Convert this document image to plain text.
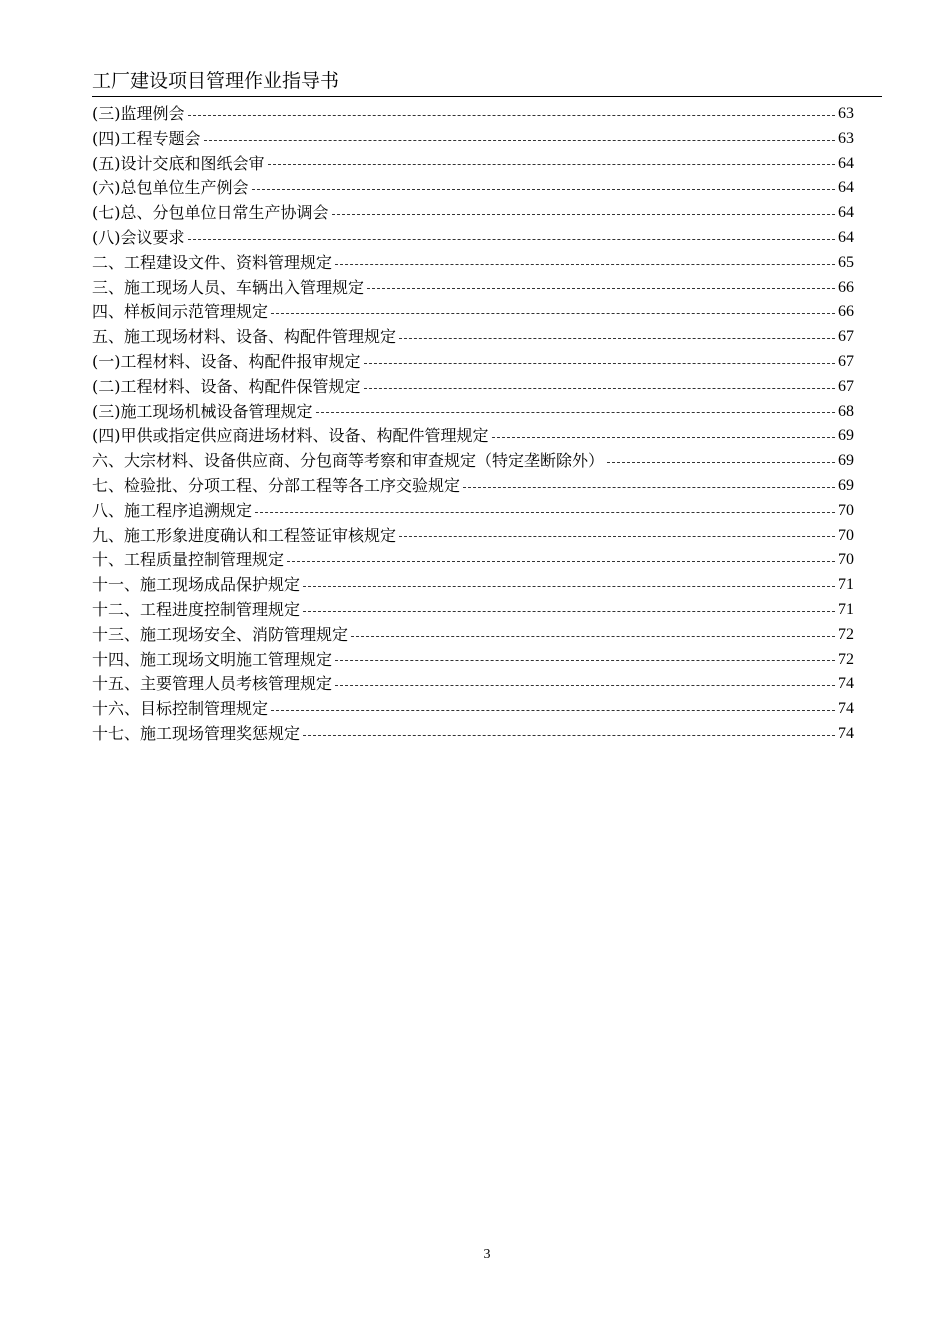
工厂建设项目管理作业指导书
(三)监理例会	63
(四)工程专题会	63
(五)设计交底和图纸会审	64
(六)总包单位生产例会	64
(七)总、分包单位日常生产协调会	64
(八)会议要求	64
二、工程建设文件、资料管理规定	65
三、施工现场人员、车辆出入管理规定	66
四、样板间示范管理规定	66
五、施工现场材料、设备、构配件管理规定	67
(一)工程材料、设备、构配件报审规定	67
(二)工程材料、设备、构配件保管规定	67
(三)施工现场机械设备管理规定	68
(四)甲供或指定供应商进场材料、设备、构配件管理规定	69
六、大宗材料、设备供应商、分包商等考察和审查规定（特定垄断除外）	69
七、检验批、分项工程、分部工程等各工序交验规定	69
八、施工程序追溯规定	70
九、施工形象进度确认和工程签证审核规定	70
十、工程质量控制管理规定	70
十一、施工现场成品保护规定	71
十二、工程进度控制管理规定	71
十三、施工现场安全、消防管理规定	72
十四、施工现场文明施工管理规定	72
十五、主要管理人员考核管理规定	74
十六、目标控制管理规定	74
十七、施工现场管理奖惩规定	74
3
